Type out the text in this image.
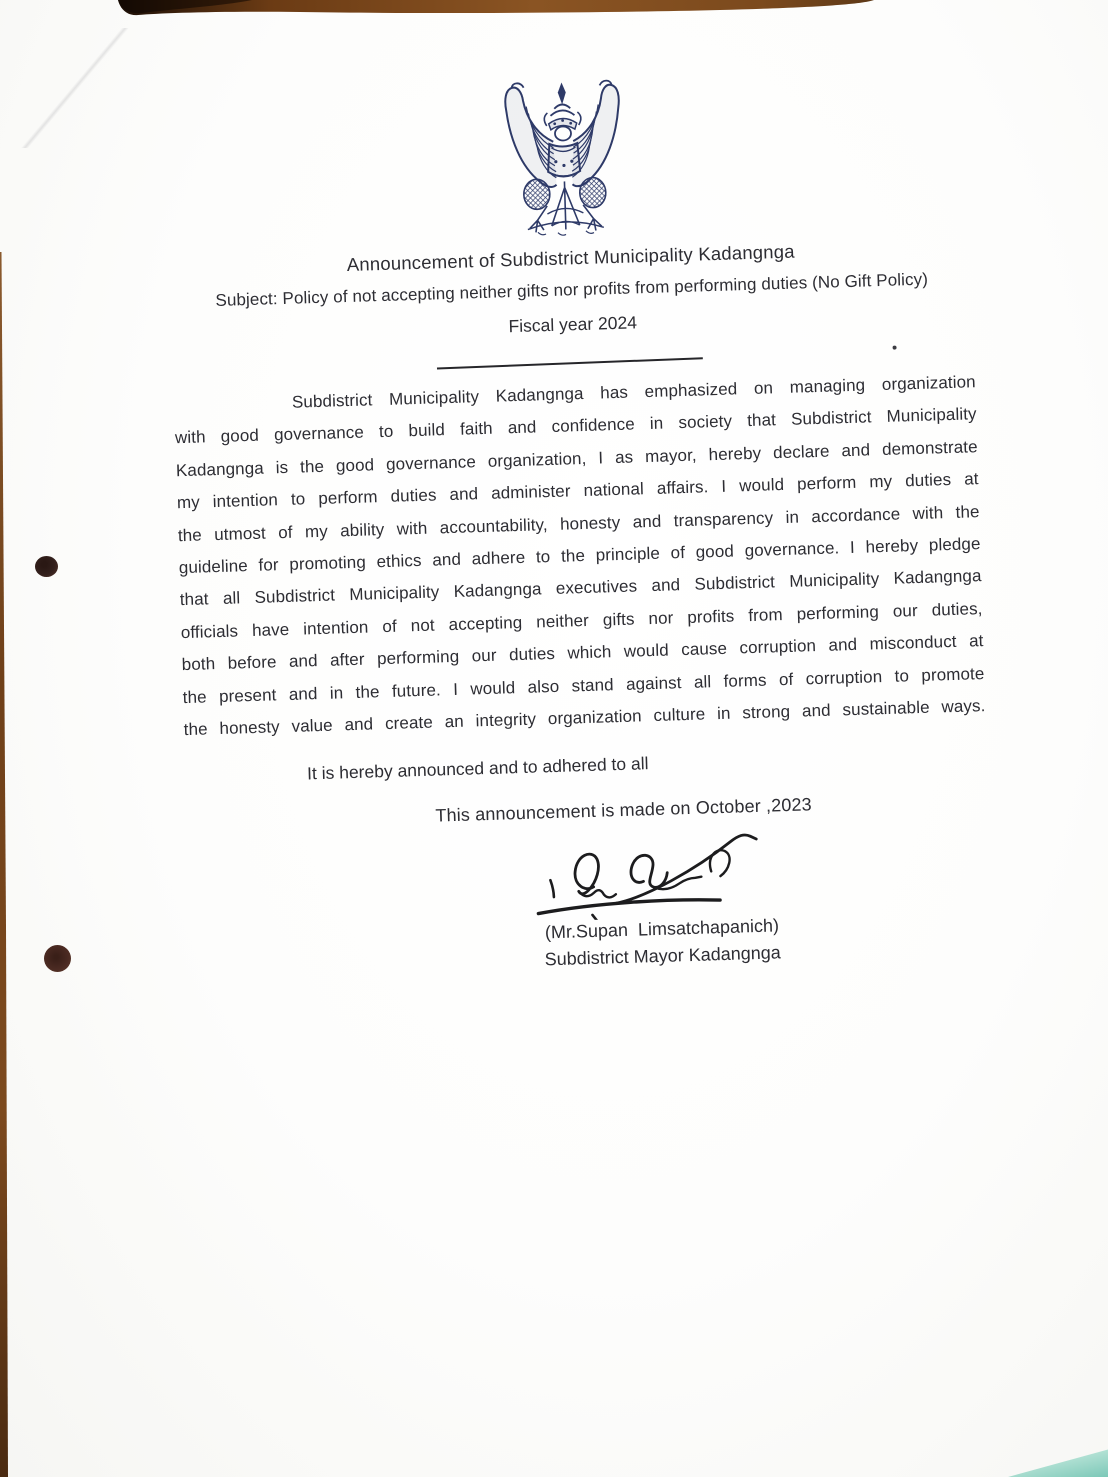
Announcement of Subdistrict Municipality Kadangnga
Subject: Policy of not accepting neither gifts nor profits from performing duties (No Gift Policy)
Fiscal year 2024
Subdistrict Municipality Kadangnga has emphasized on managing organization
with good governance to build faith and confidence in society that Subdistrict Municipality
Kadangnga is the good governance organization, I as mayor, hereby declare and demonstrate
my intention to perform duties and administer national affairs. I would perform my duties at
the utmost of my ability with accountability, honesty and transparency in accordance with the
guideline for promoting ethics and adhere to the principle of good governance. I hereby pledge
that all Subdistrict Municipality Kadangnga executives and Subdistrict Municipality Kadangnga
officials have intention of not accepting neither gifts nor profits from performing our duties,
both before and after performing our duties which would cause corruption and misconduct at
the present and in the future. I would also stand against all forms of corruption to promote
the honesty value and create an integrity organization culture in strong and sustainable ways.
It is hereby announced and to adhered to all
This announcement is made on October ,2023
(Mr.Supan  Limsatchapanich)
Subdistrict Mayor Kadangnga
